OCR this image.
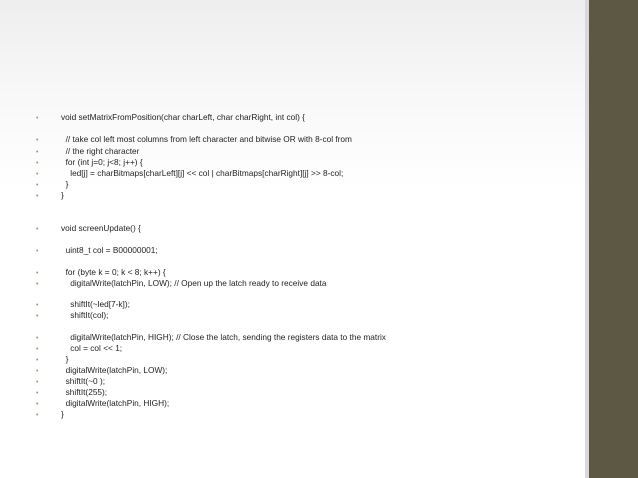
•	void setMatrixFromPosition(char charLeft, char charRight, int col) {
•	// take col left most columns from left character and bitwise OR with 8-col from
•	// the right character
•	for (int j=0; j<8; j++) {
•	led[j] = charBitmaps[charLeft][j] << col | charBitmaps[charRight][j] >> 8-col;
•	}
•	}
•	void screenUpdate() {
•	uint8_t col = B00000001;
•	for (byte k = 0; k < 8; k++) {
•	digitalWrite(latchPin, LOW); // Open up the latch ready to receive data
•	shiftIt(~led[7-k]);
•	shiftIt(col);
•	digitalWrite(latchPin, HIGH); // Close the latch, sending the registers data to the matrix
•	col = col << 1;
•	}
•	digitalWrite(latchPin, LOW);
•	shiftIt(~0 );
•	shiftIt(255);
•	digitalWrite(latchPin, HIGH);
•	}
